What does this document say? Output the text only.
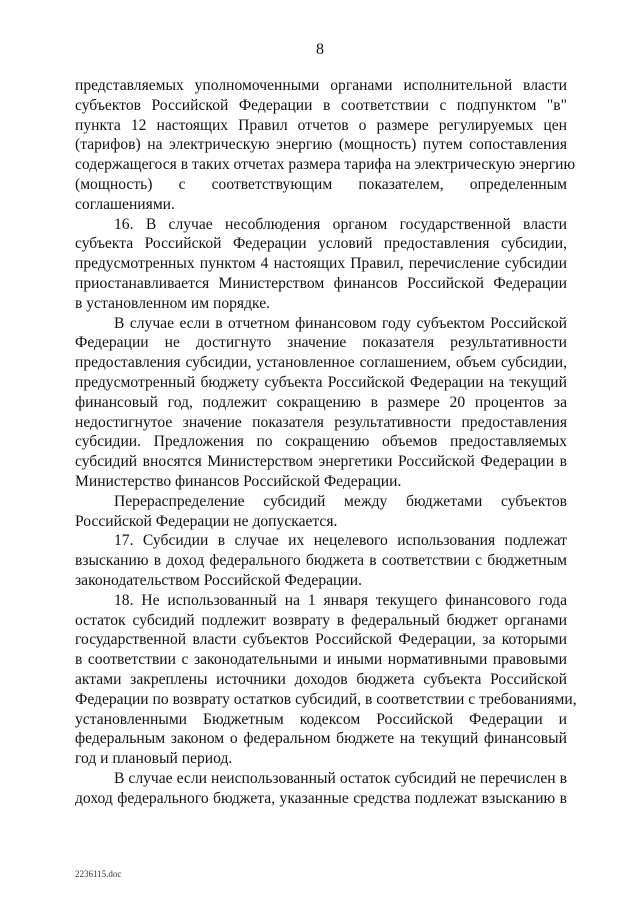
8
представляемых уполномоченными органами исполнительной власти
субъектов Российской Федерации в соответствии с подпунктом "в"
пункта 12 настоящих Правил отчетов о размере регулируемых цен
(тарифов) на электрическую энергию (мощность) путем сопоставления
содержащегося в таких отчетах размера тарифа на электрическую энергию
(мощность) с соответствующим показателем, определенным
соглашениями.
16. В случае несоблюдения органом государственной власти
субъекта Российской Федерации условий предоставления субсидии,
предусмотренных пунктом 4 настоящих Правил, перечисление субсидии
приостанавливается Министерством финансов Российской Федерации
в установленном им порядке.
В случае если в отчетном финансовом году субъектом Российской
Федерации не достигнуто значение показателя результативности
предоставления субсидии, установленное соглашением, объем субсидии,
предусмотренный бюджету субъекта Российской Федерации на текущий
финансовый год, подлежит сокращению в размере 20 процентов за
недостигнутое значение показателя результативности предоставления
субсидии. Предложения по сокращению объемов предоставляемых
субсидий вносятся Министерством энергетики Российской Федерации в
Министерство финансов Российской Федерации.
Перераспределение субсидий между бюджетами субъектов
Российской Федерации не допускается.
17. Субсидии в случае их нецелевого использования подлежат
взысканию в доход федерального бюджета в соответствии с бюджетным
законодательством Российской Федерации.
18. Не использованный на 1 января текущего финансового года
остаток субсидий подлежит возврату в федеральный бюджет органами
государственной власти субъектов Российской Федерации, за которыми
в соответствии с законодательными и иными нормативными правовыми
актами закреплены источники доходов бюджета субъекта Российской
Федерации по возврату остатков субсидий, в соответствии с требованиями,
установленными Бюджетным кодексом Российской Федерации и
федеральным законом о федеральном бюджете на текущий финансовый
год и плановый период.
В случае если неиспользованный остаток субсидий не перечислен в
доход федерального бюджета, указанные средства подлежат взысканию в
2236115.doc
